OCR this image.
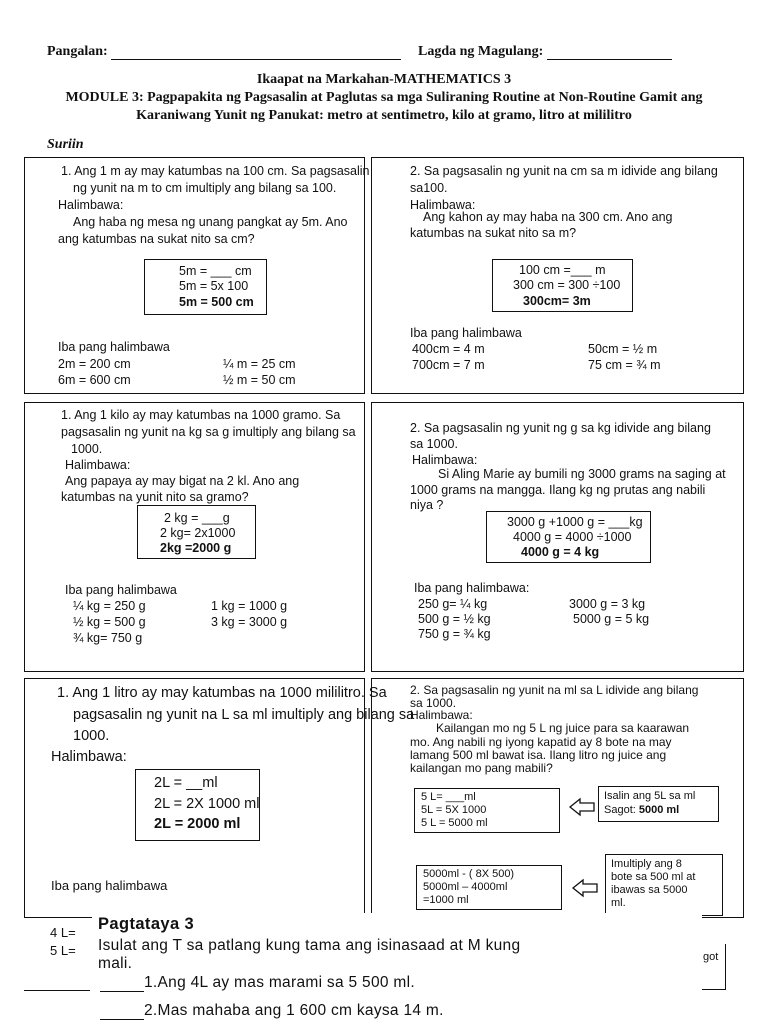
Pangalan:	Lagda ng Magulang:
Ikaapat na Markahan-MATHEMATICS 3
MODULE 3: Pagpapakita ng Pagsasalin at Paglutas sa mga Suliraning Routine at Non-Routine Gamit ang
Karaniwang Yunit ng Panukat: metro at sentimetro, kilo at gramo, litro at mililitro
Suriin
1. Ang 1 m ay may katumbas na 100 cm. Sa pagsasalin
ng yunit na m to cm imultiply ang bilang sa 100.
Halimbawa:
Ang haba ng mesa ng unang pangkat ay 5m. Ano
ang katumbas na sukat nito sa cm?
5m = ___ cm
5m = 5x 100
5m = 500 cm
Iba pang halimbawa
2m = 200 cm
6m = 600 cm
¼ m = 25 cm
½ m = 50 cm
2. Sa pagsasalin ng yunit na cm sa m idivide ang bilang
sa100.
Halimbawa:
Ang kahon ay may haba na 300 cm. Ano ang
katumbas na sukat nito sa m?
100 cm =___ m
300 cm = 300 ÷100
300cm= 3m
Iba pang halimbawa
400cm = 4 m
700cm = 7 m
50cm = ½ m
75 cm = ¾ m
1. Ang 1 kilo ay may katumbas na 1000 gramo. Sa
pagsasalin ng yunit na kg sa g imultiply ang bilang sa
1000.
Halimbawa:
Ang papaya ay may bigat na 2 kl. Ano ang
katumbas na yunit nito sa gramo?
2 kg = ___g
2 kg= 2x1000
2kg =2000 g
Iba pang halimbawa
¼ kg = 250 g
½ kg = 500 g
¾ kg= 750 g
1 kg = 1000 g
3 kg = 3000 g
2. Sa pagsasalin ng yunit ng g sa kg idivide ang bilang
sa 1000.
Halimbawa:
Si Aling Marie ay bumili ng 3000 grams na saging at
1000 grams na mangga. Ilang kg ng prutas ang nabili
niya ?
3000 g +1000 g = ___kg
4000 g = 4000 ÷1000
4000 g = 4 kg
Iba pang halimbawa:
250 g= ¼ kg
500 g = ½ kg
750 g = ¾ kg
3000 g = 3 kg
5000 g = 5 kg
1. Ang 1 litro ay may katumbas na 1000 mililitro. Sa
pagsasalin ng yunit na L sa ml imultiply ang bilang sa
1000.
Halimbawa:
2L = __ml
2L = 2X 1000 ml
2L = 2000 ml
Iba pang halimbawa
4 L=
5 L=
2. Sa pagsasalin ng yunit na ml sa L idivide ang bilang
sa 1000.
Halimbawa:
Kailangan mo ng 5 L ng juice para sa kaarawan
mo. Ang nabili ng iyong kapatid ay 8 bote na may
lamang 500 ml bawat isa. Ilang litro ng juice ang
kailangan mo pang mabili?
5 L= ___ml
5L = 5X 1000
5 L = 5000 ml
Isalin ang 5L sa ml
Sagot: 5000 ml
5000ml - ( 8X 500)
5000ml – 4000ml
=1000 ml
Imultiply ang 8
bote sa 500 ml at
ibawas sa 5000
ml.
got
Pagtataya 3
Isulat ang T sa patlang kung tama ang isinasaad at M kung
mali.
1.Ang 4L ay mas marami sa 5 500 ml.
2.Mas mahaba ang 1 600 cm kaysa 14 m.
